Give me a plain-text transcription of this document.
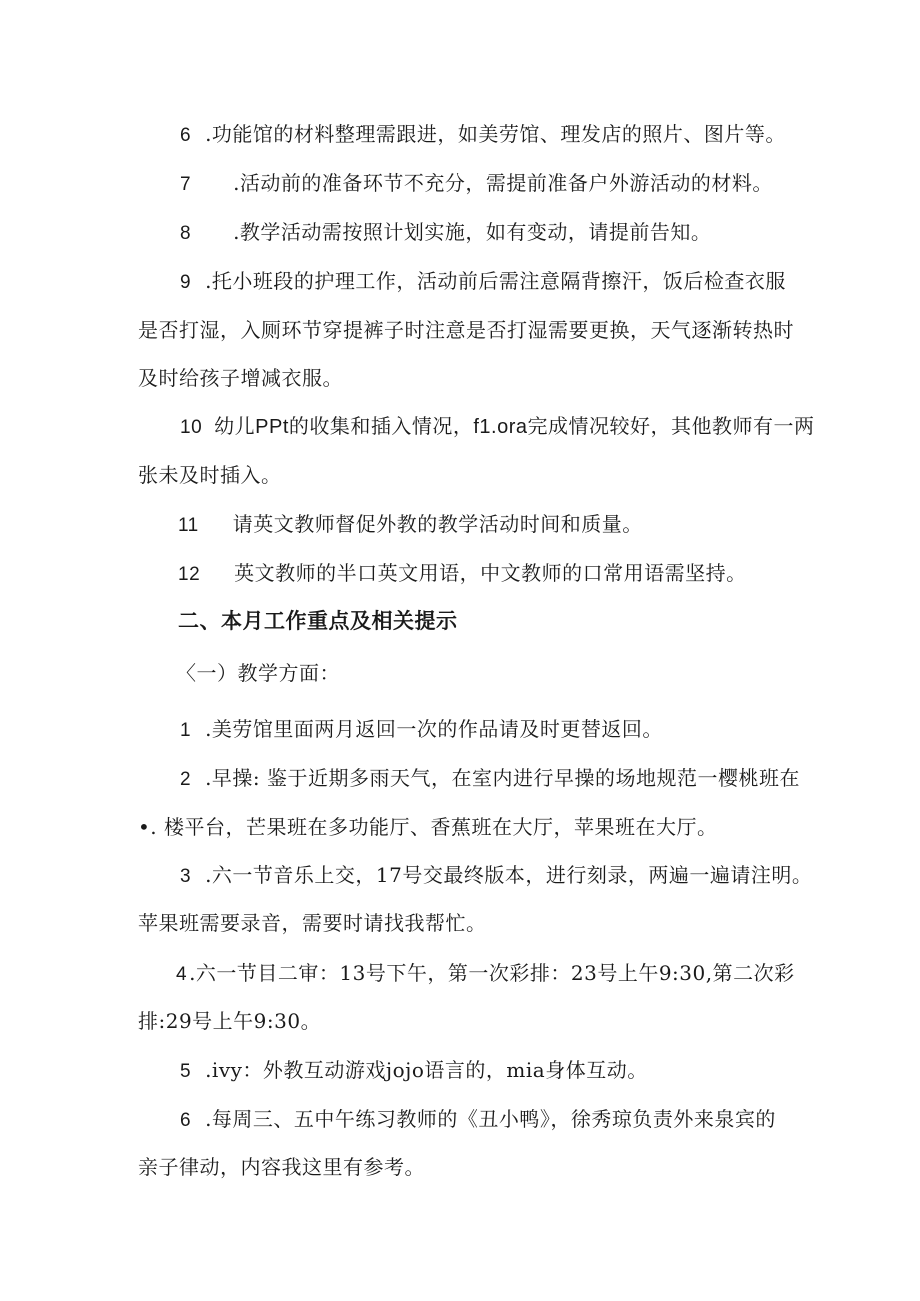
6 .功能馆的材料整理需跟进，如美劳馆、理发店的照片、图片等。
7 .活动前的准备环节不充分，需提前准备户外游活动的材料。
8 .教学活动需按照计划实施，如有变动，请提前告知。
9 .托小班段的护理工作，活动前后需注意隔背擦汗，饭后检查衣服
是否打湿，入厕环节穿提裤子时注意是否打湿需要更换，天气逐渐转热时
及时给孩子增减衣服。
10 幼儿PPt的收集和插入情况，f1.ora完成情况较好，其他教师有一两
张未及时插入。
11 请英文教师督促外教的教学活动时间和质量。
12 英文教师的半口英文用语，中文教师的口常用语需坚持。
二、本月工作重点及相关提示
〈一）教学方面：
1 .美劳馆里面两月返回一次的作品请及时更替返回。
2 .早操: 鉴于近期多雨天气，在室内进行早操的场地规范一樱桃班在
•. 楼平台，芒果班在多功能厅、香蕉班在大厅，苹果班在大厅。
3 .六一节音乐上交，17号交最终版本，进行刻录，两遍一遍请注明。
苹果班需要录音，需要时请找我帮忙。
4 .六一节目二审：13号下午，第一次彩排：23号上午9:30,第二次彩
排:29号上午9:30。
5 .ivy：外教互动游戏jojo语言的，mia身体互动。
6 .每周三、五中午练习教师的《丑小鸭》，徐秀琼负责外来泉宾的
亲子律动，内容我这里有参考。
